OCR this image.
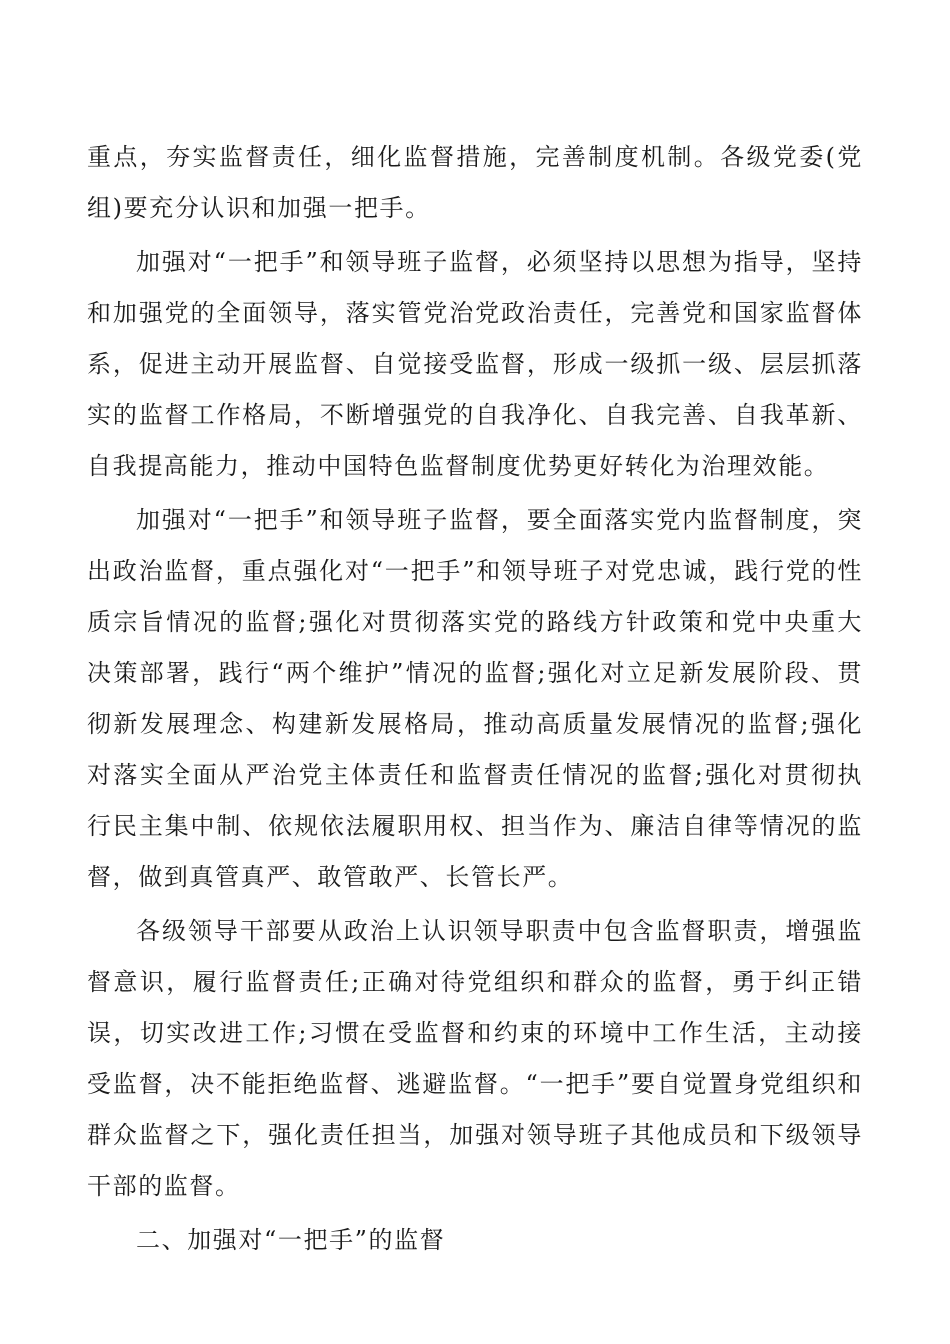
重点，夯实监督责任，细化监督措施，完善制度机制。各级党委(党组)要充分认识和加强一把手。

加强对“一把手”和领导班子监督，必须坚持以思想为指导，坚持和加强党的全面领导，落实管党治党政治责任，完善党和国家监督体系，促进主动开展监督、自觉接受监督，形成一级抓一级、层层抓落实的监督工作格局，不断增强党的自我净化、自我完善、自我革新、自我提高能力，推动中国特色监督制度优势更好转化为治理效能。

加强对“一把手”和领导班子监督，要全面落实党内监督制度，突出政治监督，重点强化对“一把手”和领导班子对党忠诚，践行党的性质宗旨情况的监督;强化对贯彻落实党的路线方针政策和党中央重大决策部署，践行“两个维护”情况的监督;强化对立足新发展阶段、贯彻新发展理念、构建新发展格局，推动高质量发展情况的监督;强化对落实全面从严治党主体责任和监督责任情况的监督;强化对贯彻执行民主集中制、依规依法履职用权、担当作为、廉洁自律等情况的监督，做到真管真严、敢管敢严、长管长严。

各级领导干部要从政治上认识领导职责中包含监督职责，增强监督意识，履行监督责任;正确对待党组织和群众的监督，勇于纠正错误，切实改进工作;习惯在受监督和约束的环境中工作生活，主动接受监督，决不能拒绝监督、逃避监督。“一把手”要自觉置身党组织和群众监督之下，强化责任担当，加强对领导班子其他成员和下级领导干部的监督。

二、加强对“一把手”的监督
